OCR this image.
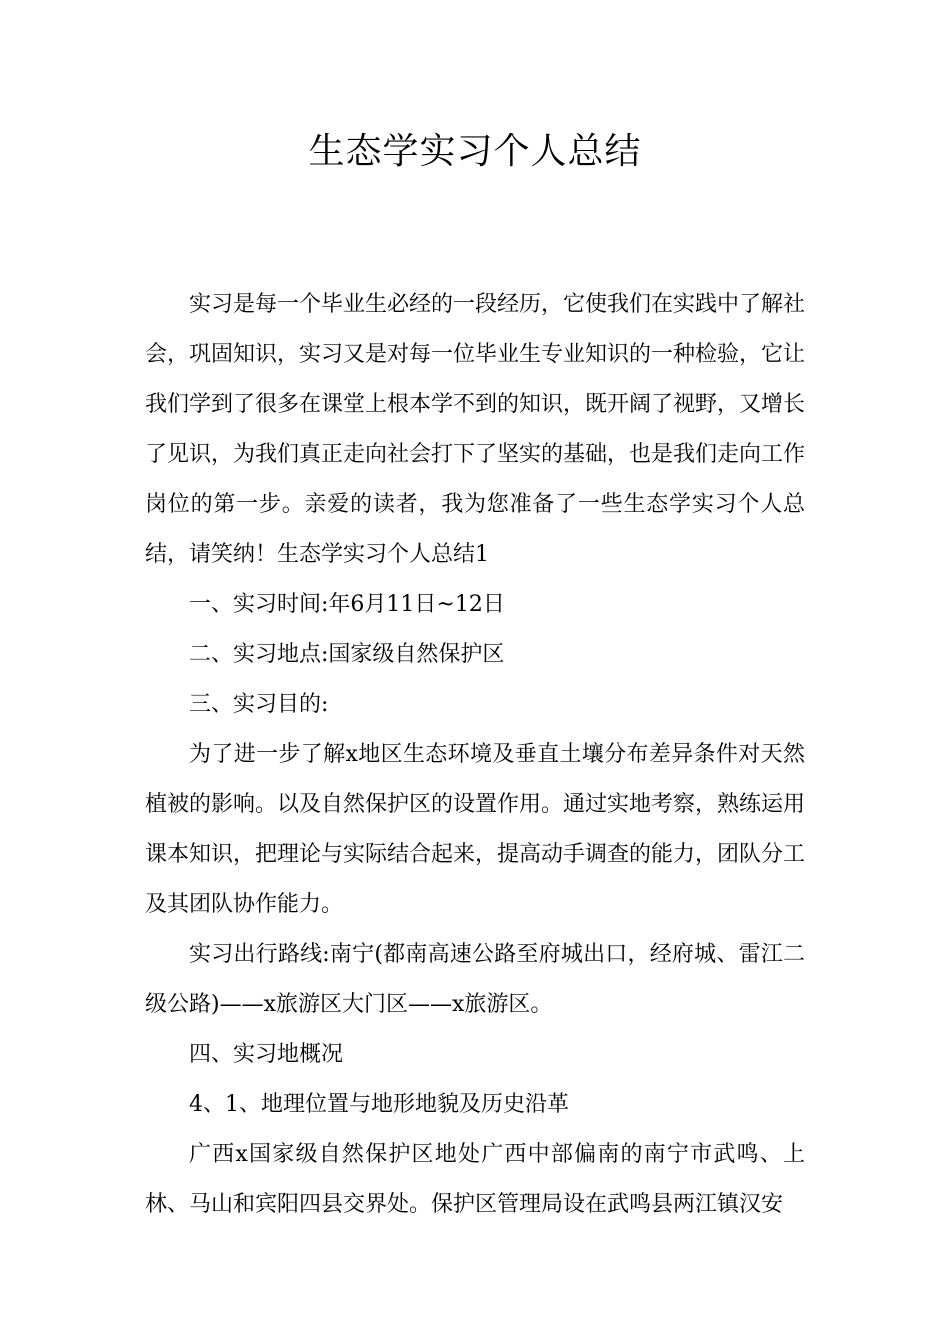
生态学实习个人总结

实习是每一个毕业生必经的一段经历，它使我们在实践中了解社会，巩固知识，实习又是对每一位毕业生专业知识的一种检验，它让我们学到了很多在课堂上根本学不到的知识，既开阔了视野，又增长了见识，为我们真正走向社会打下了坚实的基础，也是我们走向工作岗位的第一步。亲爱的读者，我为您准备了一些生态学实习个人总结，请笑纳！生态学实习个人总结1

一、实习时间:年6月11日~12日

二、实习地点:国家级自然保护区

三、实习目的:

为了进一步了解x地区生态环境及垂直土壤分布差异条件对天然植被的影响。以及自然保护区的设置作用。通过实地考察，熟练运用课本知识，把理论与实际结合起来，提高动手调查的能力，团队分工及其团队协作能力。

实习出行路线:南宁(都南高速公路至府城出口，经府城、雷江二级公路)——x旅游区大门区——x旅游区。

四、实习地概况

4、1、地理位置与地形地貌及历史沿革

广西x国家级自然保护区地处广西中部偏南的南宁市武鸣、上林、马山和宾阳四县交界处。保护区管理局设在武鸣县两江镇汉安
